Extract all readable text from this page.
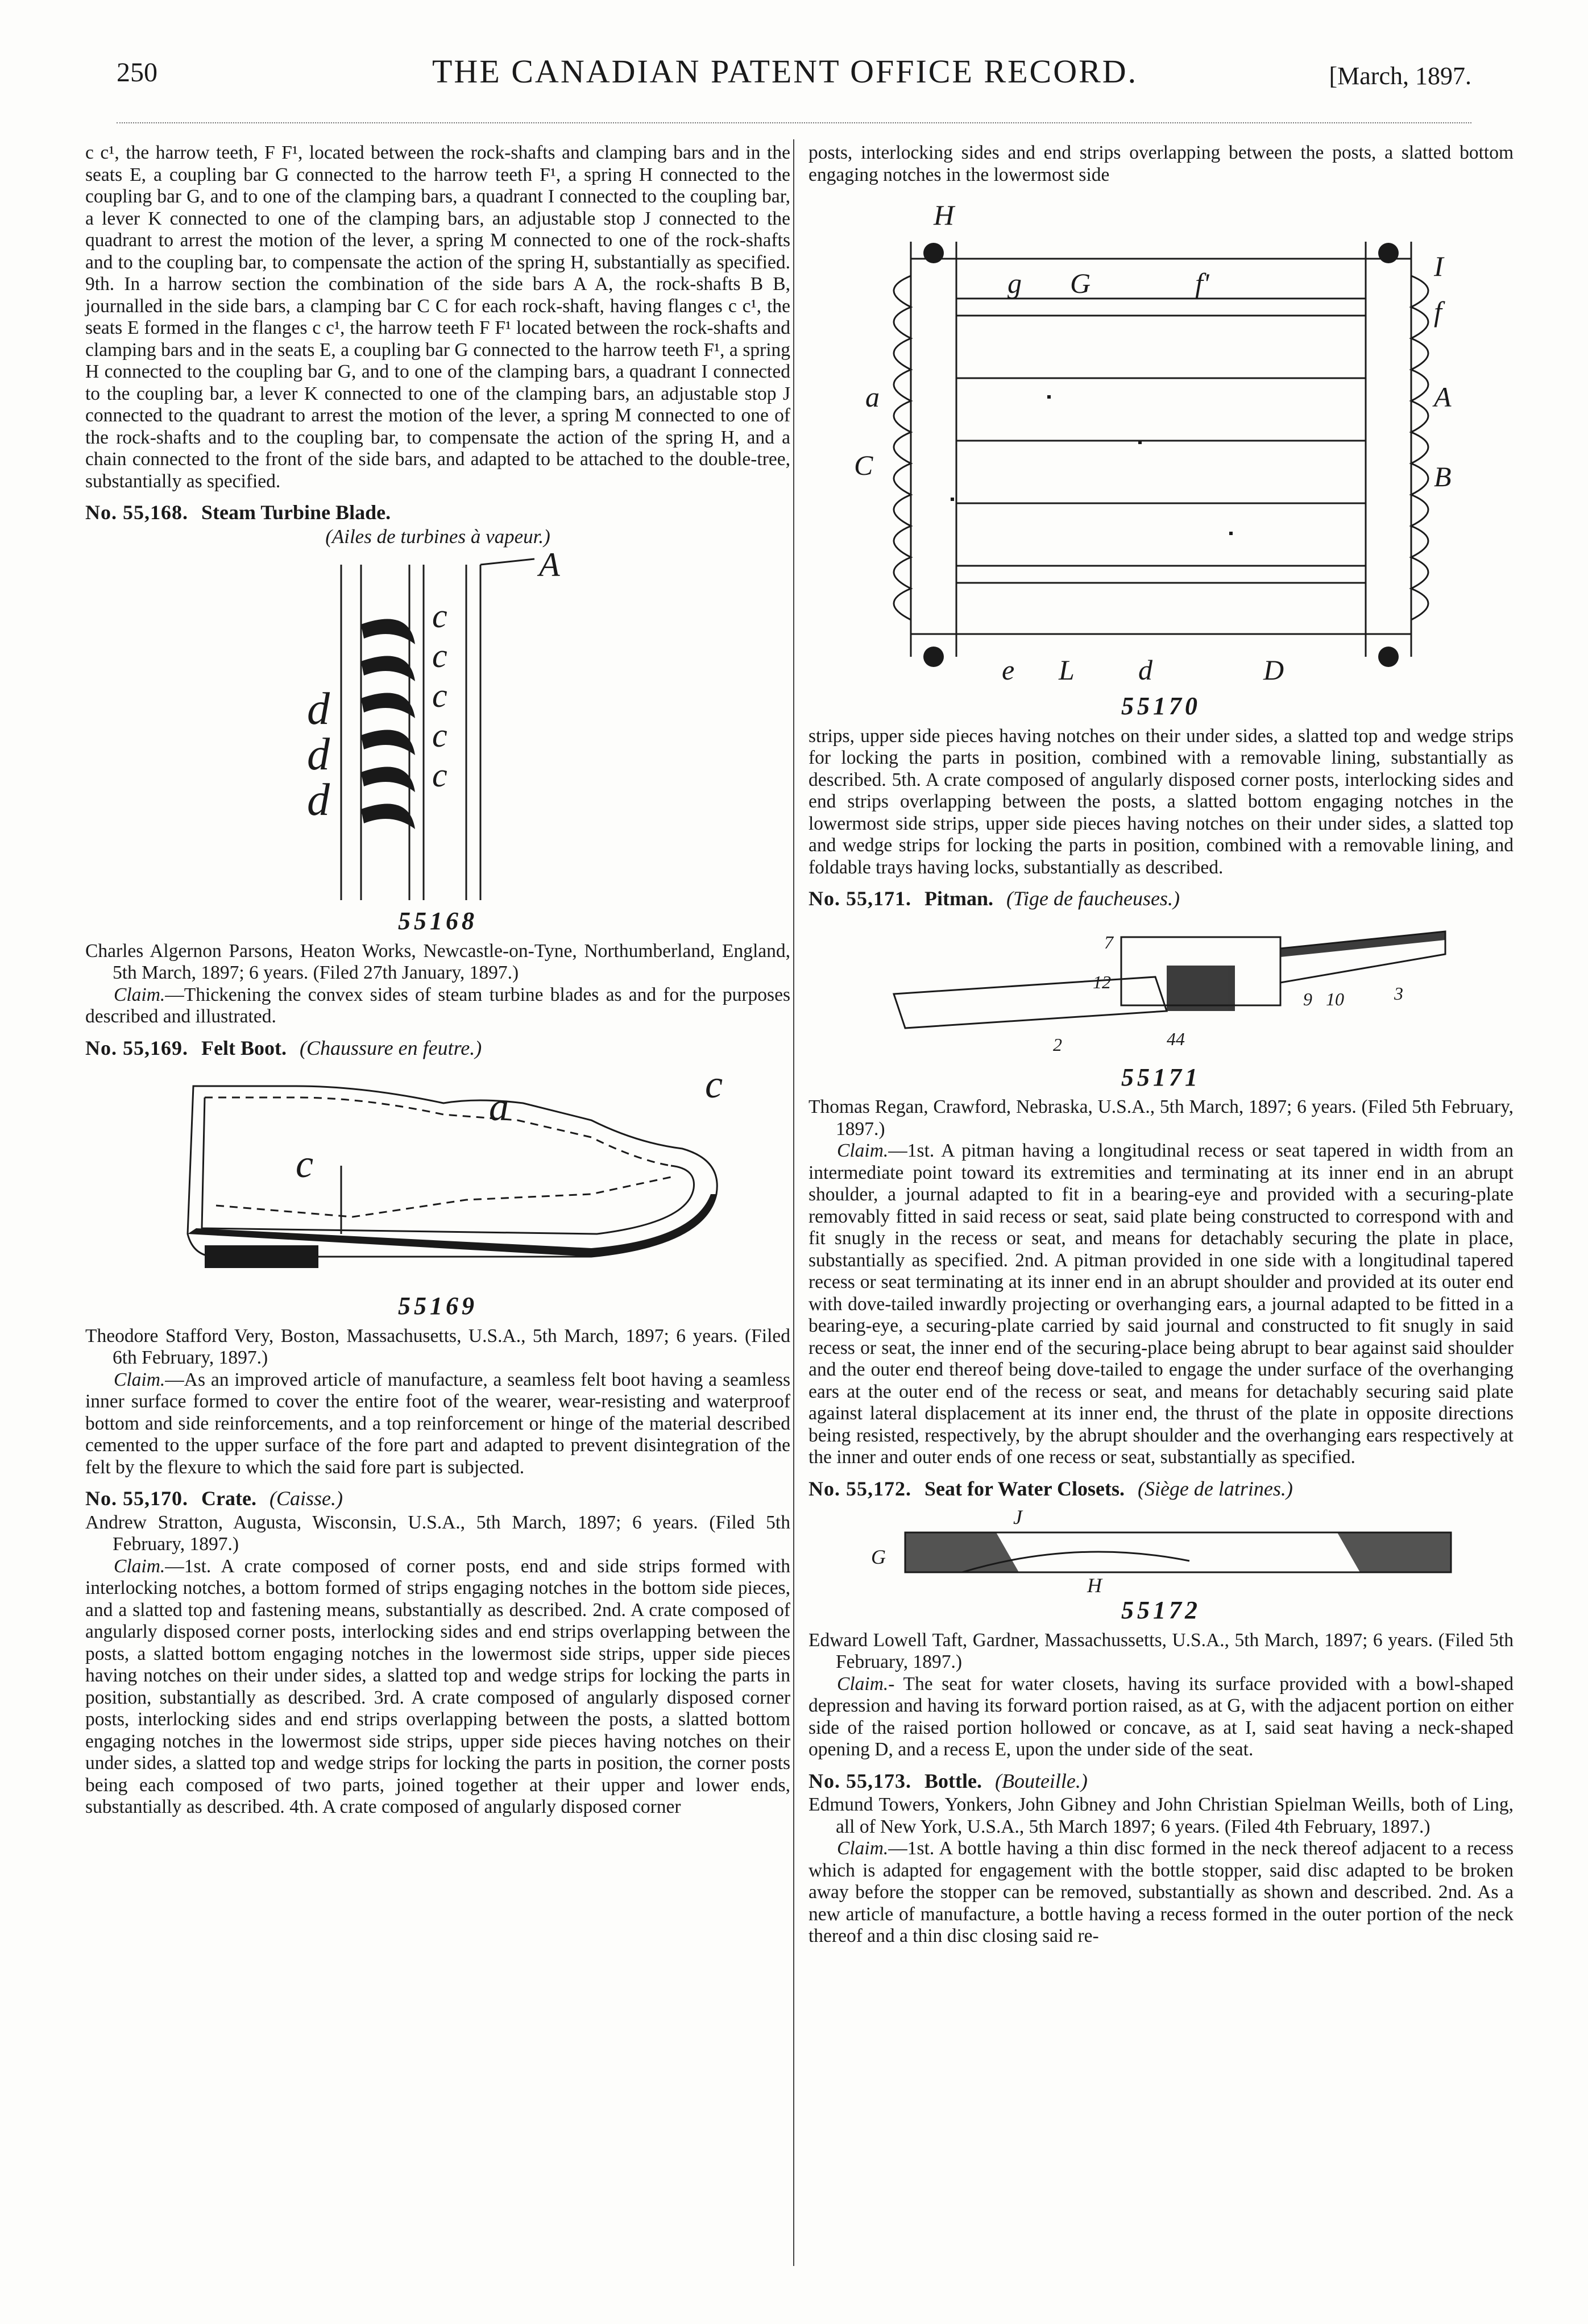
250	THE CANADIAN PATENT OFFICE RECORD.	[March, 1897.

c c¹, the harrow teeth, F F¹, located between the rock-shafts and clamping bars and in the seats E, a coupling bar G connected to the harrow teeth F¹, a spring H connected to the coupling bar G, and to one of the clamping bars, a quadrant I connected to the coupling bar, a lever K connected to one of the clamping bars, an adjustable stop J connected to the quadrant to arrest the motion of the lever, a spring M connected to one of the rock-shafts and to the coupling bar, to compensate the action of the spring H, substantially as specified. 9th. In a harrow section the combination of the side bars A A, the rock-shafts B B, journalled in the side bars, a clamping bar C C for each rock-shaft, having flanges c c¹, the seats E formed in the flanges c c¹, the harrow teeth F F¹ located between the rock-shafts and clamping bars and in the seats E, a coupling bar G connected to the harrow teeth F¹, a spring H connected to the coupling bar G, and to one of the clamping bars, a quadrant I connected to the coupling bar, a lever K connected to one of the clamping bars, an adjustable stop J connected to the quadrant to arrest the motion of the lever, a spring M connected to one of the rock-shafts and to the coupling bar, to compensate the action of the spring H, and a chain connected to the front of the side bars, and adapted to be attached to the double-tree, substantially as specified.

No. 55,168. Steam Turbine Blade.
(Ailes de turbines à vapeur.)
A
c
c
c
c
c
d
d
d
55168

Charles Algernon Parsons, Heaton Works, Newcastle-on-Tyne, Northumberland, England, 5th March, 1897; 6 years. (Filed 27th January, 1897.)

Claim.—Thickening the convex sides of steam turbine blades as and for the purposes described and illustrated.

No. 55,169. Felt Boot. (Chaussure en feutre.)
c
a
c
55169

Theodore Stafford Very, Boston, Massachusetts, U.S.A., 5th March, 1897; 6 years. (Filed 6th February, 1897.)

Claim.—As an improved article of manufacture, a seamless felt boot having a seamless inner surface formed to cover the entire foot of the wearer, wear-resisting and waterproof bottom and side reinforcements, and a top reinforcement or hinge of the material described cemented to the upper surface of the fore part and adapted to prevent disintegration of the felt by the flexure to which the said fore part is subjected.

No. 55,170. Crate. (Caisse.)

Andrew Stratton, Augusta, Wisconsin, U.S.A., 5th March, 1897; 6 years. (Filed 5th February, 1897.)

Claim.—1st. A crate composed of corner posts, end and side strips formed with interlocking notches, a bottom formed of strips engaging notches in the bottom side pieces, and a slatted top and fastening means, substantially as described. 2nd. A crate composed of angularly disposed corner posts, interlocking sides and end strips overlapping between the posts, a slatted bottom engaging notches in the lowermost side strips, upper side pieces having notches on their under sides, a slatted top and wedge strips for locking the parts in position, substantially as described. 3rd. A crate composed of angularly disposed corner posts, interlocking sides and end strips overlapping between the posts, a slatted bottom engaging notches in the lowermost side strips, upper side pieces having notches on their under sides, a slatted top and wedge strips for locking the parts in position, the corner posts being each composed of two parts, joined together at their upper and lower ends, substantially as described. 4th. A crate composed of angularly disposed corner

posts, interlocking sides and end strips overlapping between the posts, a slatted bottom engaging notches in the lowermost side

H
g G	f'
I
f
a	A
C	B
e L d	D
55170

strips, upper side pieces having notches on their under sides, a slatted top and wedge strips for locking the parts in position, combined with a removable lining, substantially as described. 5th. A crate composed of angularly disposed corner posts, interlocking sides and end strips overlapping between the posts, a slatted bottom engaging notches in the lowermost side strips, upper side pieces having notches on their under sides, a slatted top and wedge strips for locking the parts in position, combined with a removable lining, and foldable trays having locks, substantially as described.

No. 55,171. Pitman. (Tige de faucheuses.)
7
12
2	44
9 10	3
55171

Thomas Regan, Crawford, Nebraska, U.S.A., 5th March, 1897; 6 years. (Filed 5th February, 1897.)

Claim.—1st. A pitman having a longitudinal recess or seat tapered in width from an intermediate point toward its extremities and terminating at its inner end in an abrupt shoulder, a journal adapted to fit in a bearing-eye and provided with a securing-plate removably fitted in said recess or seat, said plate being constructed to correspond with and fit snugly in the recess or seat, and means for detachably securing the plate in place, substantially as specified. 2nd. A pitman provided in one side with a longitudinal tapered recess or seat terminating at its inner end in an abrupt shoulder and provided at its outer end with dove-tailed inwardly projecting or overhanging ears, a journal adapted to be fitted in a bearing-eye, a securing-plate carried by said journal and constructed to fit snugly in said recess or seat, the inner end of the securing-place being abrupt to bear against said shoulder and the outer end thereof being dove-tailed to engage the under surface of the overhanging ears at the outer end of the recess or seat, and means for detachably securing said plate against lateral displacement at its inner end, the thrust of the plate in opposite directions being resisted, respectively, by the abrupt shoulder and the overhanging ears respectively at the inner and outer ends of one recess or seat, substantially as specified.

No. 55,172. Seat for Water Closets. (Siège de latrines.)
J
G
H
55172

Edward Lowell Taft, Gardner, Massachussetts, U.S.A., 5th March, 1897; 6 years. (Filed 5th February, 1897.)

Claim.- The seat for water closets, having its surface provided with a bowl-shaped depression and having its forward portion raised, as at G, with the adjacent portion on either side of the raised portion hollowed or concave, as at I, said seat having a neck-shaped opening D, and a recess E, upon the under side of the seat.

No. 55,173. Bottle. (Bouteille.)

Edmund Towers, Yonkers, John Gibney and John Christian Spielman Weills, both of Ling, all of New York, U.S.A., 5th March 1897; 6 years. (Filed 4th February, 1897.)

Claim.—1st. A bottle having a thin disc formed in the neck thereof adjacent to a recess which is adapted for engagement with the bottle stopper, said disc adapted to be broken away before the stopper can be removed, substantially as shown and described. 2nd. As a new article of manufacture, a bottle having a recess formed in the outer portion of the neck thereof and a thin disc closing said re-
